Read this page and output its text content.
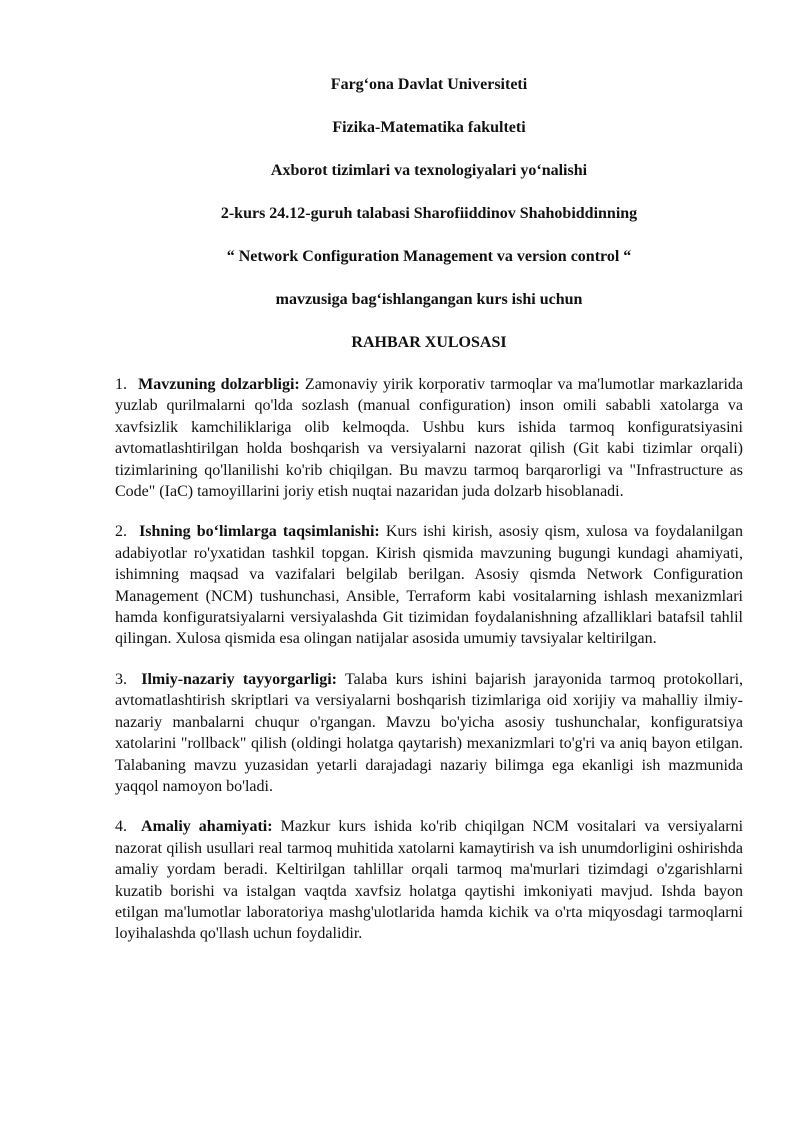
Farg‘ona Davlat Universiteti
Fizika-Matematika fakulteti
Axborot tizimlari va texnologiyalari yo‘nalishi
2-kurs 24.12-guruh talabasi Sharofiiddinov Shahobiddinning
“ Network Configuration Management va version control “
mavzusiga bag‘ishlangangan kurs ishi uchun
RAHBAR XULOSASI

1. Mavzuning dolzarbligi: Zamonaviy yirik korporativ tarmoqlar va ma'lumotlar markazlarida yuzlab qurilmalarni qo'lda sozlash (manual configuration) inson omili sababli xatolarga va xavfsizlik kamchiliklariga olib kelmoqda. Ushbu kurs ishida tarmoq konfiguratsiyasini avtomatlashtirilgan holda boshqarish va versiyalarni nazorat qilish (Git kabi tizimlar orqali) tizimlarining qo'llanilishi ko'rib chiqilgan. Bu mavzu tarmoq barqarorligi va "Infrastructure as Code" (IaC) tamoyillarini joriy etish nuqtai nazaridan juda dolzarb hisoblanadi.

2. Ishning bo‘limlarga taqsimlanishi: Kurs ishi kirish, asosiy qism, xulosa va foydalanilgan adabiyotlar ro'yxatidan tashkil topgan. Kirish qismida mavzuning bugungi kundagi ahamiyati, ishimning maqsad va vazifalari belgilab berilgan. Asosiy qismda Network Configuration Management (NCM) tushunchasi, Ansible, Terraform kabi vositalarning ishlash mexanizmlari hamda konfiguratsiyalarni versiyalashda Git tizimidan foydalanishning afzalliklari batafsil tahlil qilingan. Xulosa qismida esa olingan natijalar asosida umumiy tavsiyalar keltirilgan.

3. Ilmiy-nazariy tayyorgarligi: Talaba kurs ishini bajarish jarayonida tarmoq protokollari, avtomatlashtirish skriptlari va versiyalarni boshqarish tizimlariga oid xorijiy va mahalliy ilmiy-nazariy manbalarni chuqur o'rgangan. Mavzu bo'yicha asosiy tushunchalar, konfiguratsiya xatolarini "rollback" qilish (oldingi holatga qaytarish) mexanizmlari to'g'ri va aniq bayon etilgan. Talabaning mavzu yuzasidan yetarli darajadagi nazariy bilimga ega ekanligi ish mazmunida yaqqol namoyon bo'ladi.

4. Amaliy ahamiyati: Mazkur kurs ishida ko'rib chiqilgan NCM vositalari va versiyalarni nazorat qilish usullari real tarmoq muhitida xatolarni kamaytirish va ish unumdorligini oshirishda amaliy yordam beradi. Keltirilgan tahlillar orqali tarmoq ma'murlari tizimdagi o'zgarishlarni kuzatib borishi va istalgan vaqtda xavfsiz holatga qaytishi imkoniyati mavjud. Ishda bayon etilgan ma'lumotlar laboratoriya mashg'ulotlarida hamda kichik va o'rta miqyosdagi tarmoqlarni loyihalashda qo'llash uchun foydalidir.
